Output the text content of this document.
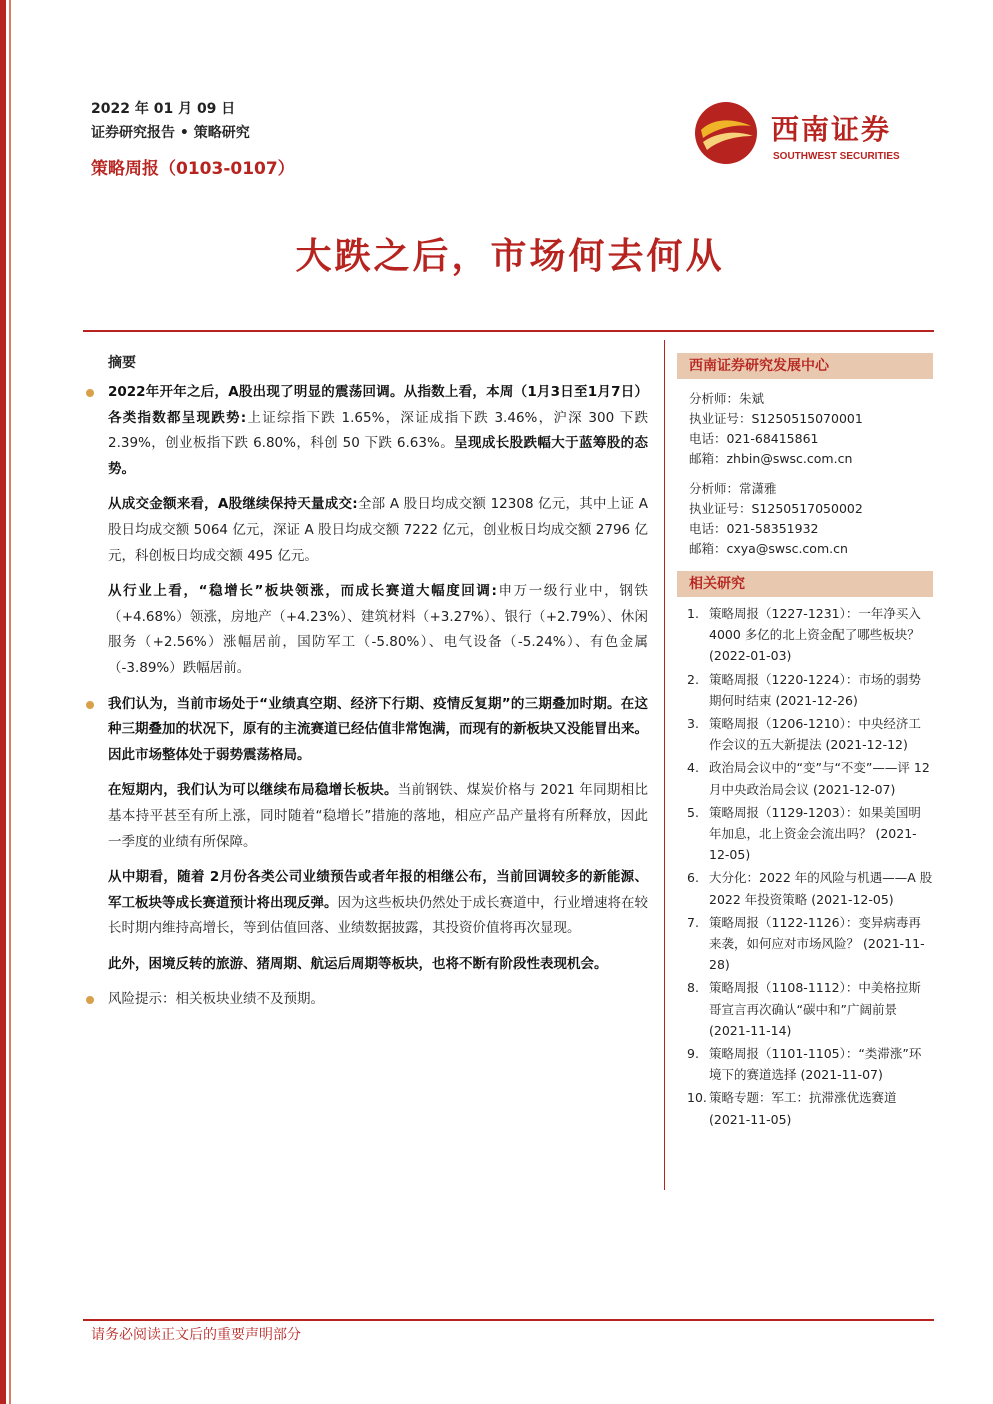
2022 年 01 月 09 日
证券研究报告 • 策略研究
策略周报（0103-0107）
西南证券
SOUTHWEST SECURITIES
大跌之后，市场何去何从
摘要

2022年开年之后，A股出现了明显的震荡回调。从指数上看，本周（1月3日至1月7日）各类指数都呈现跌势:上证综指下跌 1.65%，深证成指下跌 3.46%，沪深 300 下跌 2.39%，创业板指下跌 6.80%，科创 50 下跌 6.63%。呈现成长股跌幅大于蓝筹股的态势。

从成交金额来看，A股继续保持天量成交:全部 A 股日均成交额 12308 亿元，其中上证 A 股日均成交额 5064 亿元，深证 A 股日均成交额 7222 亿元，创业板日均成交额 2796 亿元，科创板日均成交额 495 亿元。

从行业上看，“稳增长”板块领涨，而成长赛道大幅度回调:申万一级行业中，钢铁（+4.68%）领涨，房地产（+4.23%）、建筑材料（+3.27%）、银行（+2.79%）、休闲服务（+2.56%）涨幅居前，国防军工（-5.80%）、电气设备（-5.24%）、有色金属（-3.89%）跌幅居前。

我们认为，当前市场处于“业绩真空期、经济下行期、疫情反复期”的三期叠加时期。在这种三期叠加的状况下，原有的主流赛道已经估值非常饱满，而现有的新板块又没能冒出来。因此市场整体处于弱势震荡格局。

在短期内，我们认为可以继续布局稳增长板块。当前钢铁、煤炭价格与 2021 年同期相比基本持平甚至有所上涨，同时随着“稳增长”措施的落地，相应产品产量将有所释放，因此一季度的业绩有所保障。

从中期看，随着 2月份各类公司业绩预告或者年报的相继公布，当前回调较多的新能源、军工板块等成长赛道预计将出现反弹。因为这些板块仍然处于成长赛道中，行业增速将在较长时期内维持高增长，等到估值回落、业绩数据披露，其投资价值将再次显现。

此外，困境反转的旅游、猪周期、航运后周期等板块，也将不断有阶段性表现机会。

风险提示：相关板块业绩不及预期。

西南证券研究发展中心
分析师：朱斌
执业证号：S1250515070001
电话：021-68415861
邮箱：zhbin@swsc.com.cn
分析师：常潇雅
执业证号：S1250517050002
电话：021-58351932
邮箱：cxya@swsc.com.cn
相关研究
1. 策略周报（1227-1231）：一年净买入 4000 多亿的北上资金配了哪些板块？ (2022-01-03)
2. 策略周报（1220-1224）：市场的弱势期何时结束 (2021-12-26)
3. 策略周报（1206-1210）：中央经济工作会议的五大新提法 (2021-12-12)
4. 政治局会议中的“变”与“不变”——评 12月中央政治局会议 (2021-12-07)
5. 策略周报（1129-1203）：如果美国明年加息，北上资金会流出吗？ (2021-12-05)
6. 大分化：2022 年的风险与机遇——A 股 2022 年投资策略 (2021-12-05)
7. 策略周报（1122-1126）：变异病毒再来袭，如何应对市场风险？ (2021-11-28)
8. 策略周报（1108-1112）：中美格拉斯哥宣言再次确认“碳中和”广阔前景 (2021-11-14)
9. 策略周报（1101-1105）：“类滞涨”环境下的赛道选择 (2021-11-07)
10. 策略专题：军工：抗滞涨优选赛道 (2021-11-05)
请务必阅读正文后的重要声明部分
